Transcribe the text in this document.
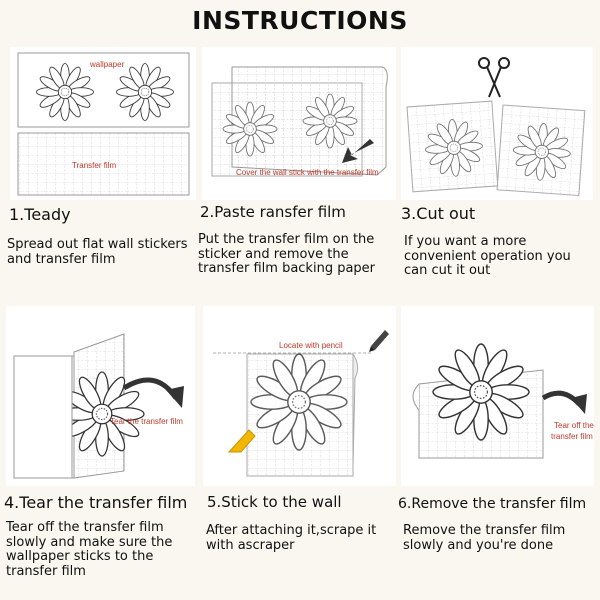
INSTRUCTIONS
wallpaper
Transfer film
1.Teady
Spread out flat wall stickers and transfer film
Cover the wall stick with the transfer film
2.Paste ransfer film
Put the transfer film on the sticker and remove the transfer film backing paper
3.Cut out
If you want a more convenient operation you can cut it out
Tear the transfer film
4.Tear the transfer film
Tear off the transfer film slowly and make sure the wallpaper sticks to the transfer film
Locate with pencil
5.Stick to the wall
After attaching it,scrape it with ascraper
Tear off the
transfer film
6.Remove the transfer film
Remove the transfer film slowly and you're done
